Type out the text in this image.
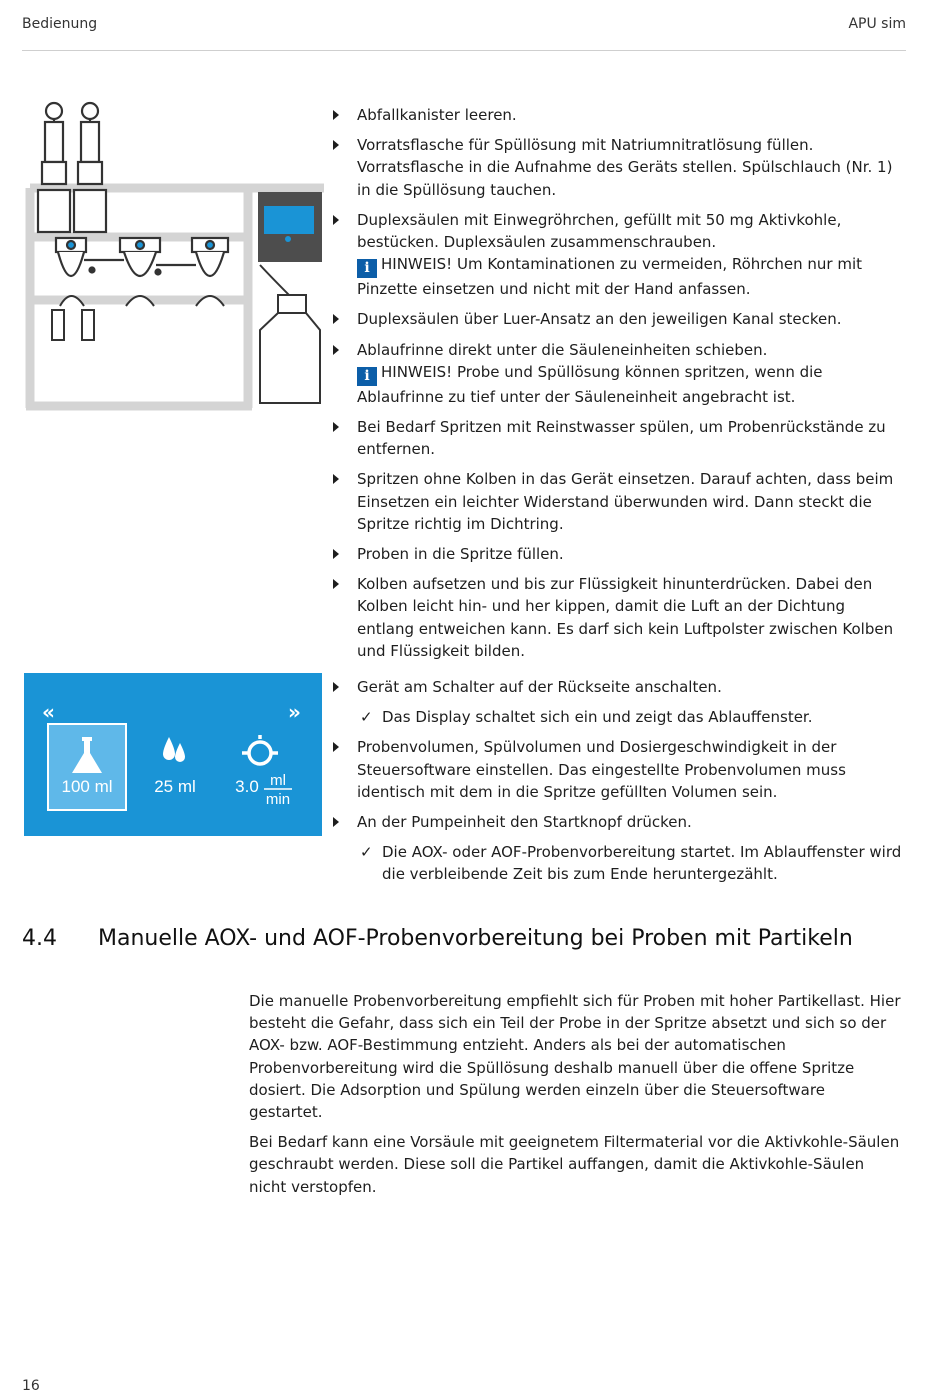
Bedienung	APU sim
«	»
100 ml 25 ml 3.0 ml
min
Abfallkanister leeren.
Vorratsflasche für Spüllösung mit Natriumnitratlösung füllen. Vorratsflasche in die Aufnahme des Geräts stellen. Spülschlauch (Nr. 1) in die Spüllösung tauchen.
Duplexsäulen mit Einwegröhrchen, gefüllt mit 50 mg Aktivkohle, bestücken. Duplexsäulen zusammenschrauben.
i HINWEIS! Um Kontaminationen zu vermeiden, Röhrchen nur mit Pinzette einsetzen und nicht mit der Hand anfassen.
Duplexsäulen über Luer-Ansatz an den jeweiligen Kanal stecken.
Ablaufrinne direkt unter die Säuleneinheiten schieben.
i HINWEIS! Probe und Spüllösung können spritzen, wenn die Ablaufrinne zu tief unter der Säuleneinheit angebracht ist.
Bei Bedarf Spritzen mit Reinstwasser spülen, um Probenrückstände zu entfernen.
Spritzen ohne Kolben in das Gerät einsetzen. Darauf achten, dass beim Einsetzen ein leichter Widerstand überwunden wird. Dann steckt die Spritze richtig im Dichtring.
Proben in die Spritze füllen.
Kolben aufsetzen und bis zur Flüssigkeit hinunterdrücken. Dabei den Kolben leicht hin- und her kippen, damit die Luft an der Dichtung entlang entweichen kann. Es darf sich kein Luftpolster zwischen Kolben und Flüssigkeit bilden.
Gerät am Schalter auf der Rückseite anschalten.
✓ Das Display schaltet sich ein und zeigt das Ablauffenster.
Probenvolumen, Spülvolumen und Dosiergeschwindigkeit in der Steuersoftware einstellen. Das eingestellte Probenvolumen muss identisch mit dem in die Spritze gefüllten Volumen sein.
An der Pumpeinheit den Startknopf drücken.
✓ Die AOX- oder AOF-Probenvorbereitung startet. Im Ablauffenster wird die verbleibende Zeit bis zum Ende heruntergezählt.
4.4 Manuelle AOX- und AOF-Probenvorbereitung bei Proben mit Partikeln

Die manuelle Probenvorbereitung empfiehlt sich für Proben mit hoher Partikellast. Hier besteht die Gefahr, dass sich ein Teil der Probe in der Spritze absetzt und sich so der AOX- bzw. AOF-Bestimmung entzieht. Anders als bei der automatischen Probenvorbereitung wird die Spüllösung deshalb manuell über die offene Spritze dosiert. Die Adsorption und Spülung werden einzeln über die Steuersoftware gestartet.

Bei Bedarf kann eine Vorsäule mit geeignetem Filtermaterial vor die Aktivkohle-Säulen geschraubt werden. Diese soll die Partikel auffangen, damit die Aktivkohle-Säulen nicht verstopfen.

16
